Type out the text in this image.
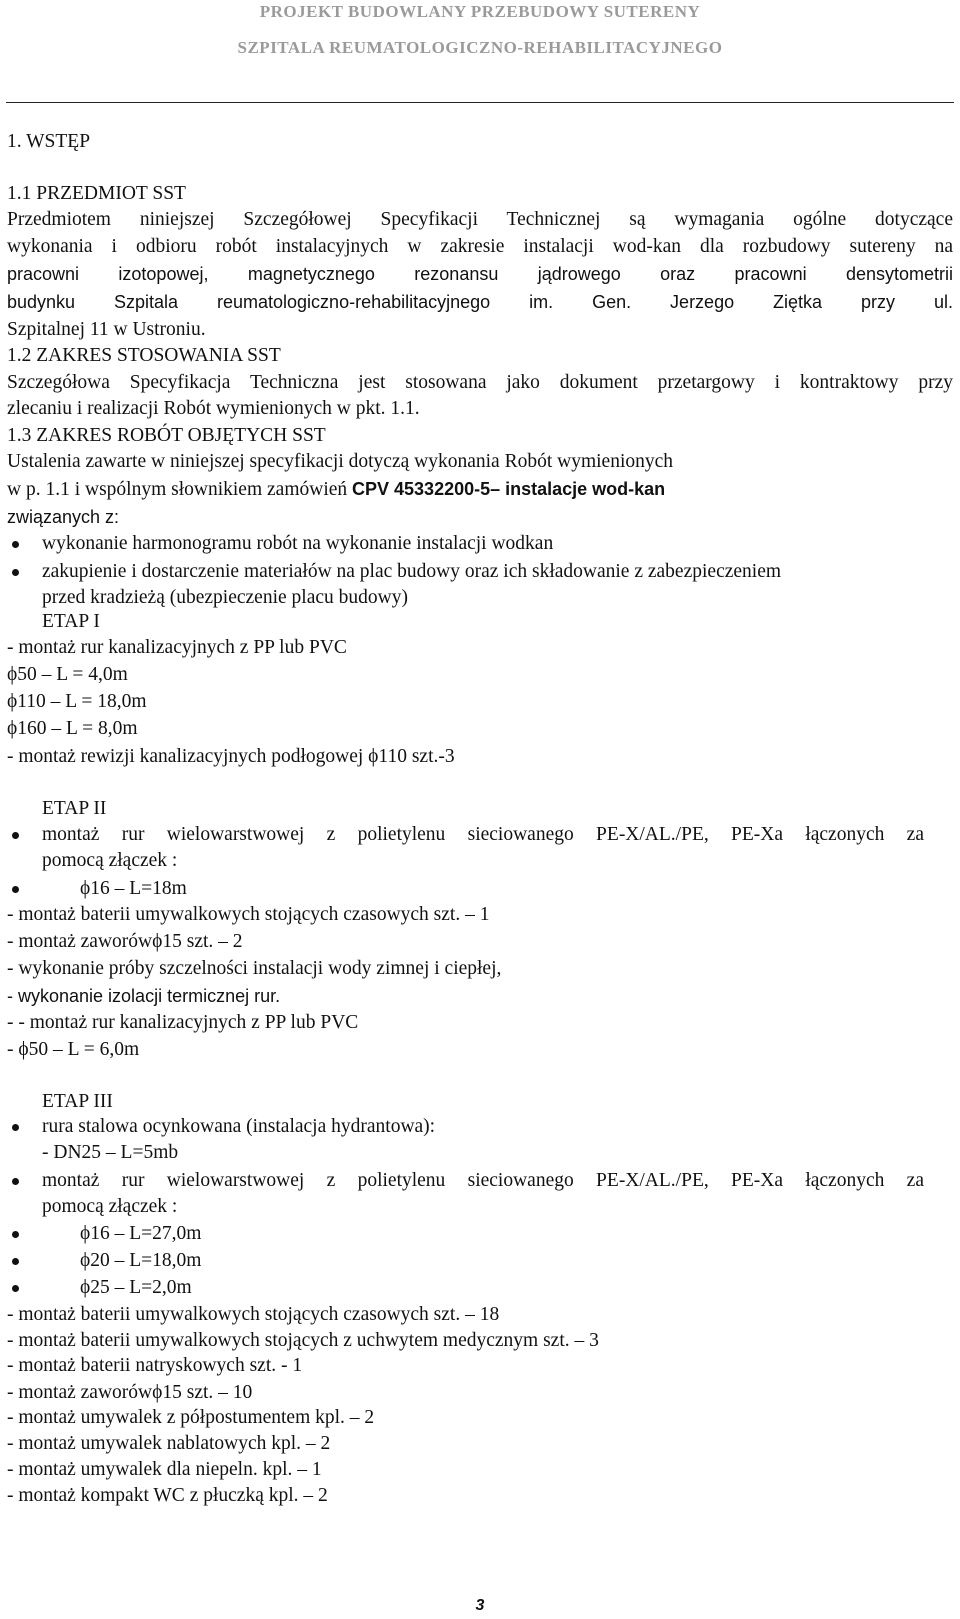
PROJEKT BUDOWLANY PRZEBUDOWY SUTERENY
SZPITALA REUMATOLOGICZNO-REHABILITACYJNEGO
1. WSTĘP
1.1 PRZEDMIOT SST
Przedmiotem niniejszej Szczegółowej Specyfikacji Technicznej są wymagania ogólne dotyczące
wykonania i odbioru robót instalacyjnych w zakresie instalacji wod-kan dla rozbudowy sutereny na
pracowni izotopowej, magnetycznego rezonansu jądrowego oraz pracowni densytometrii
budynku Szpitala reumatologiczno-rehabilitacyjnego im. Gen. Jerzego Ziętka przy ul.
Szpitalnej 11 w Ustroniu.
1.2 ZAKRES STOSOWANIA SST
Szczegółowa Specyfikacja Techniczna jest stosowana jako dokument przetargowy i kontraktowy przy
zlecaniu i realizacji Robót wymienionych w pkt. 1.1.
1.3 ZAKRES ROBÓT OBJĘTYCH SST
Ustalenia zawarte w niniejszej specyfikacji dotyczą wykonania Robót wymienionych
w p. 1.1 i wspólnym słownikiem zamówień CPV 45332200-5– instalacje wod-kan
związanych z:
wykonanie harmonogramu robót na wykonanie instalacji wodkan
zakupienie i dostarczenie materiałów na plac budowy oraz ich składowanie z zabezpieczeniem
przed kradzieżą (ubezpieczenie placu budowy)
ETAP I
- montaż rur kanalizacyjnych z PP lub PVC
ϕ50 – L = 4,0m
ϕ110 – L = 18,0m
ϕ160 – L = 8,0m
- montaż rewizji kanalizacyjnych podłogowej ϕ110 szt.-3
ETAP II
montaż rur wielowarstwowej z polietylenu sieciowanego PE-X/AL./PE, PE-Xa łączonych za
pomocą złączek :
ϕ16 – L=18m
- montaż baterii umywalkowych stojących czasowych szt. – 1
- montaż zaworówϕ15 szt. – 2
- wykonanie próby szczelności instalacji wody zimnej i ciepłej,
- wykonanie izolacji termicznej rur.
- - montaż rur kanalizacyjnych z PP lub PVC
- ϕ50 – L = 6,0m
ETAP III
rura stalowa ocynkowana (instalacja hydrantowa):
- DN25 – L=5mb
montaż rur wielowarstwowej z polietylenu sieciowanego PE-X/AL./PE, PE-Xa łączonych za
pomocą złączek :
ϕ16 – L=27,0m
ϕ20 – L=18,0m
ϕ25 – L=2,0m
- montaż baterii umywalkowych stojących czasowych szt. – 18
- montaż baterii umywalkowych stojących z uchwytem medycznym szt. – 3
- montaż baterii natryskowych szt. - 1
- montaż zaworówϕ15 szt. – 10
- montaż umywalek z półpostumentem kpl. – 2
- montaż umywalek nablatowych kpl. – 2
- montaż umywalek dla niepeln. kpl. – 1
- montaż kompakt WC z płuczką kpl. – 2
3
